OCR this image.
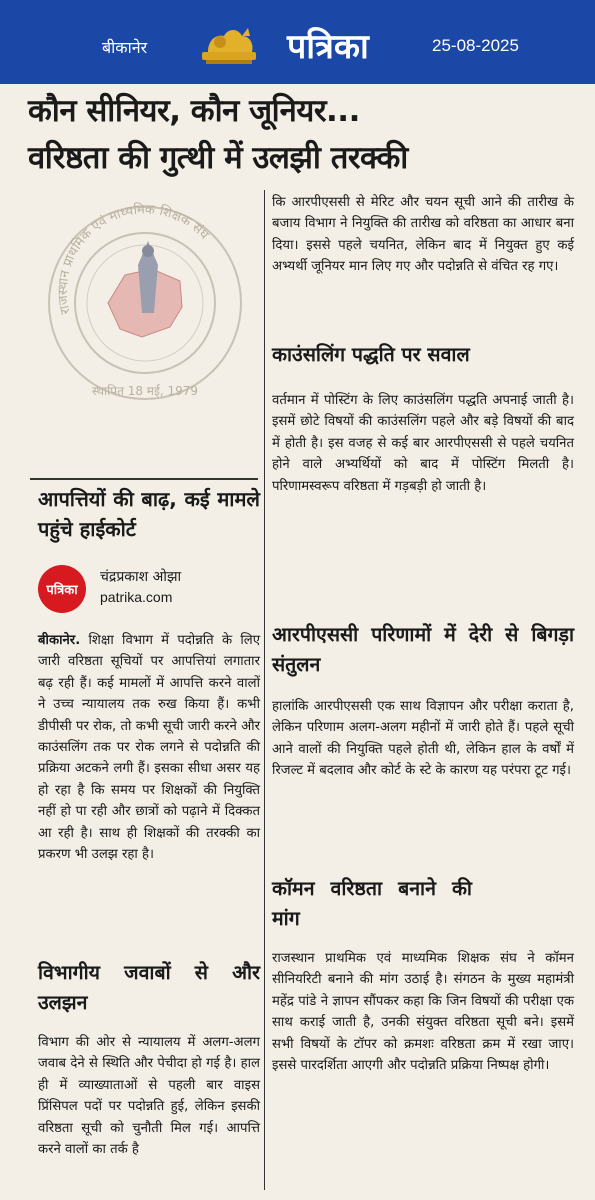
बीकानेर	पत्रिका	25-08-2025
कौन सीनियर, कौन जूनियर...
वरिष्ठता की गुत्थी में उलझी तरक्की
राजस्थान प्राथमिक एवं माध्यमिक शिक्षक संघ
स्थापित 18 मई, 1979
आपत्तियों की बाढ़, कई मामले पहुंचे हाईकोर्ट
पत्रिका
चंद्रप्रकाश ओझा
patrika.com

बीकानेर. शिक्षा विभाग में पदोन्नति के लिए जारी वरिष्ठता सूचियों पर आपत्तियां लगातार बढ़ रही हैं। कई मामलों में आपत्ति करने वालों ने उच्च न्यायालय तक रुख किया हैं। कभी डीपीसी पर रोक, तो कभी सूची जारी करने और काउंसलिंग तक पर रोक लगने से पदोन्नति की प्रक्रिया अटकने लगी हैं। इसका सीधा असर यह हो रहा है कि समय पर शिक्षकों की नियुक्ति नहीं हो पा रही और छात्रों को पढ़ाने में दिक्कत आ रही है। साथ ही शिक्षकों की तरक्की का प्रकरण भी उलझ रहा है।

विभागीय जवाबों से और उलझन

विभाग की ओर से न्यायालय में अलग-अलग जवाब देने से स्थिति और पेचीदा हो गई है। हाल ही में व्याख्याताओं से पहली बार वाइस प्रिंसिपल पदों पर पदोन्नति हुई, लेकिन इसकी वरिष्ठता सूची को चुनौती मिल गई। आपत्ति करने वालों का तर्क है

कि आरपीएससी से मेरिट और चयन सूची आने की तारीख के बजाय विभाग ने नियुक्ति की तारीख को वरिष्ठता का आधार बना दिया। इससे पहले चयनित, लेकिन बाद में नियुक्त हुए कई अभ्यर्थी जूनियर मान लिए गए और पदोन्नति से वंचित रह गए।

काउंसलिंग पद्धति पर सवाल

वर्तमान में पोस्टिंग के लिए काउंसलिंग पद्धति अपनाई जाती है। इसमें छोटे विषयों की काउंसलिंग पहले और बड़े विषयों की बाद में होती है। इस वजह से कई बार आरपीएससी से पहले चयनित होने वाले अभ्यर्थियों को बाद में पोस्टिंग मिलती है। परिणामस्वरूप वरिष्ठता में गड़बड़ी हो जाती है।

आरपीएससी परिणामों में देरी से बिगड़ा संतुलन

हालांकि आरपीएससी एक साथ विज्ञापन और परीक्षा कराता है, लेकिन परिणाम अलग-अलग महीनों में जारी होते हैं। पहले सूची आने वालों की नियुक्ति पहले होती थी, लेकिन हाल के वर्षों में रिजल्ट में बदलाव और कोर्ट के स्टे के कारण यह परंपरा टूट गई।

कॉमन वरिष्ठता बनाने की मांग

राजस्थान प्राथमिक एवं माध्यमिक शिक्षक संघ ने कॉमन सीनियरिटी बनाने की मांग उठाई है। संगठन के मुख्य महामंत्री महेंद्र पांडे ने ज्ञापन सौंपकर कहा कि जिन विषयों की परीक्षा एक साथ कराई जाती है, उनकी संयुक्त वरिष्ठता सूची बने। इसमें सभी विषयों के टॉपर को क्रमशः वरिष्ठता क्रम में रखा जाए। इससे पारदर्शिता आएगी और पदोन्नति प्रक्रिया निष्पक्ष होगी।
